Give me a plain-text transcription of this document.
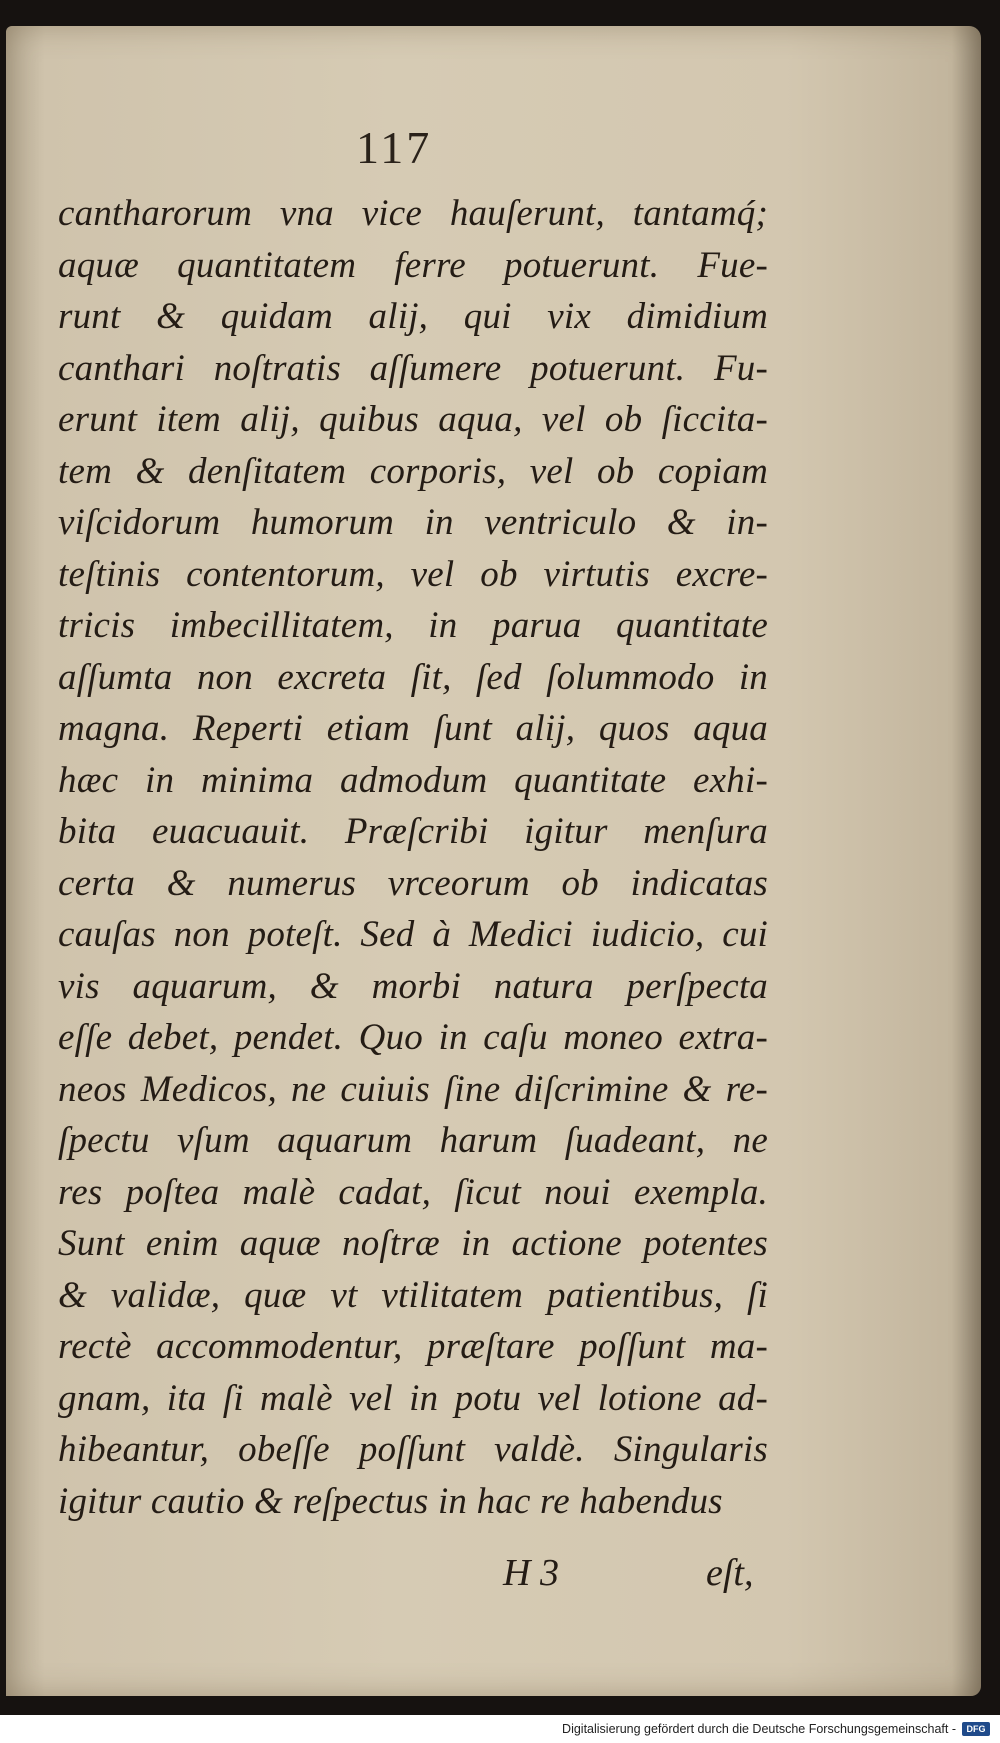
117
cantharorum vna vice hauſerunt, tantamq́;
aquæ quantitatem ferre potuerunt. Fue-
runt & quidam alij, qui vix dimidium
canthari noſtratis aſſumere potuerunt. Fu-
erunt item alij, quibus aqua, vel ob ſiccita-
tem & denſitatem corporis, vel ob copiam
viſcidorum humorum in ventriculo & in-
teſtinis contentorum, vel ob virtutis excre-
tricis imbecillitatem, in parua quantitate
aſſumta non excreta ſit, ſed ſolummodo in
magna. Reperti etiam ſunt alij, quos aqua
hæc in minima admodum quantitate exhi-
bita euacuauit. Præſcribi igitur menſura
certa & numerus vrceorum ob indicatas
cauſas non poteſt. Sed à Medici iudicio, cui
vis aquarum, & morbi natura perſpecta
eſſe debet, pendet. Quo in caſu moneo extra-
neos Medicos, ne cuiuis ſine diſcrimine & re-
ſpectu vſum aquarum harum ſuadeant, ne
res poſtea malè cadat, ſicut noui exempla.
Sunt enim aquæ noſtræ in actione potentes
& validæ, quæ vt vtilitatem patientibus, ſi
rectè accommodentur, præſtare poſſunt ma-
gnam, ita ſi malè vel in potu vel lotione ad-
hibeantur, obeſſe poſſunt valdè. Singularis
igitur cautio & reſpectus in hac re habendus
H 3	eſt,
Digitalisierung gefördert durch die Deutsche Forschungsgemeinschaft -	DFG
